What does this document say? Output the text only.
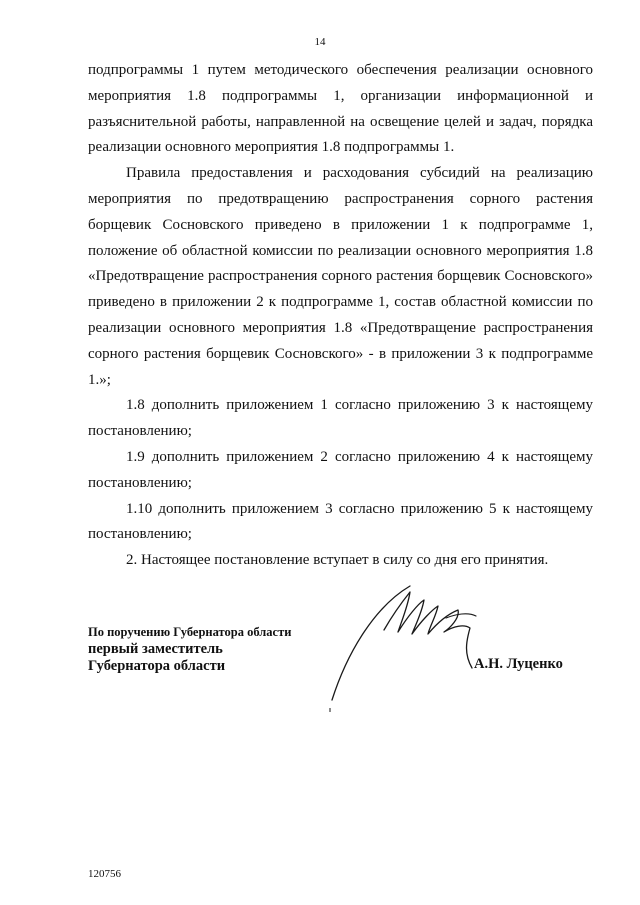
14

подпрограммы 1 путем методического обеспечения реализации основного мероприятия 1.8 подпрограммы 1, организации информационной и разъяснительной работы, направленной на освещение целей и задач, порядка реализации основного мероприятия 1.8 подпрограммы 1.

Правила предоставления и расходования субсидий на реализацию мероприятия по предотвращению распространения сорного растения борщевик Сосновского приведено в приложении 1 к подпрограмме 1, положение об областной комиссии по реализации основного мероприятия 1.8 «Предотвращение распространения сорного растения борщевик Сосновского» приведено в приложении 2 к подпрограмме 1, состав областной комиссии по реализации основного мероприятия 1.8 «Предотвращение распространения сорного растения борщевик Сосновского» - в приложении 3 к подпрограмме 1.»;

1.8 дополнить приложением 1 согласно приложению 3 к настоящему постановлению;

1.9 дополнить приложением 2 согласно приложению 4 к настоящему постановлению;

1.10 дополнить приложением 3 согласно приложению 5 к настоящему постановлению;

2. Настоящее постановление вступает в силу со дня его принятия.

По поручению Губернатора области
первый заместитель
Губернатора области	А.Н. Луценко
120756
